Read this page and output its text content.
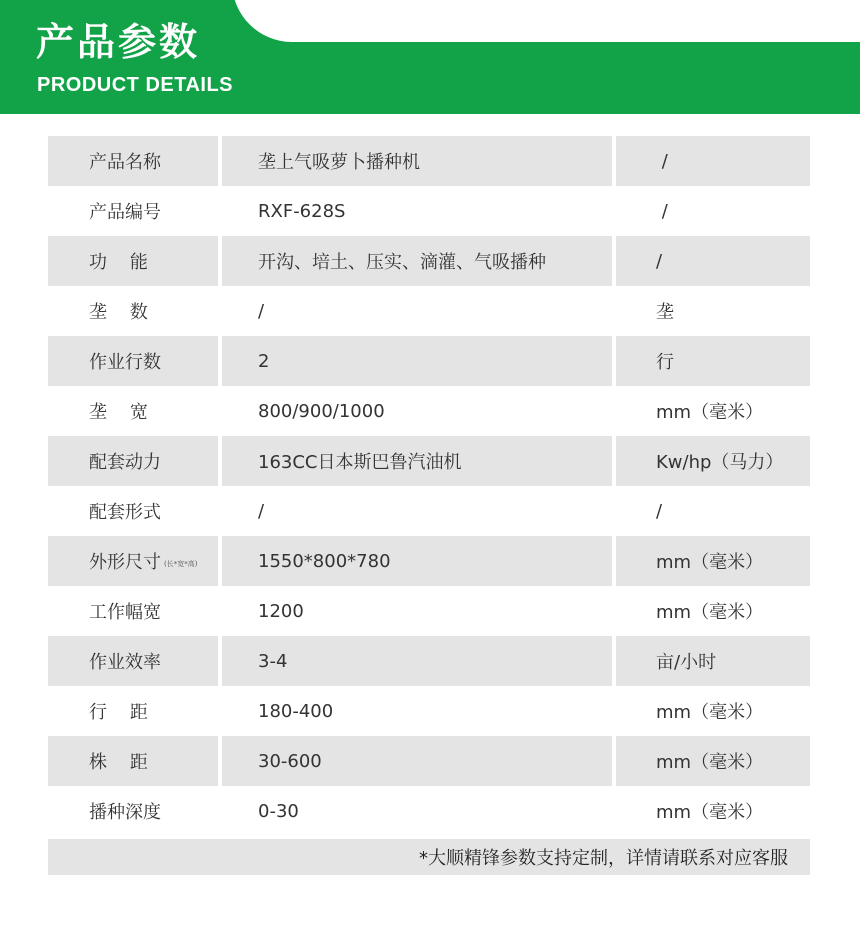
产品参数
PRODUCT DETAILS
产品名称	垄上气吸萝卜播种机	/
产品编号	RXF-628S	/
功    能	开沟、培土、压实、滴灌、气吸播种	/
垄    数	/	垄
作业行数	2	行
垄    宽	800/900/1000	mm（毫米）
配套动力	163CC日本斯巴鲁汽油机	Kw/hp（马力）
配套形式	/	/
外形尺寸 (长*宽*高)	1550*800*780	mm（毫米）
工作幅宽	1200	mm（毫米）
作业效率	3-4	亩/小时
行    距	180-400	mm（毫米）
株    距	30-600	mm（毫米）
播种深度	0-30	mm（毫米）
*大顺精锋参数支持定制，详情请联系对应客服
